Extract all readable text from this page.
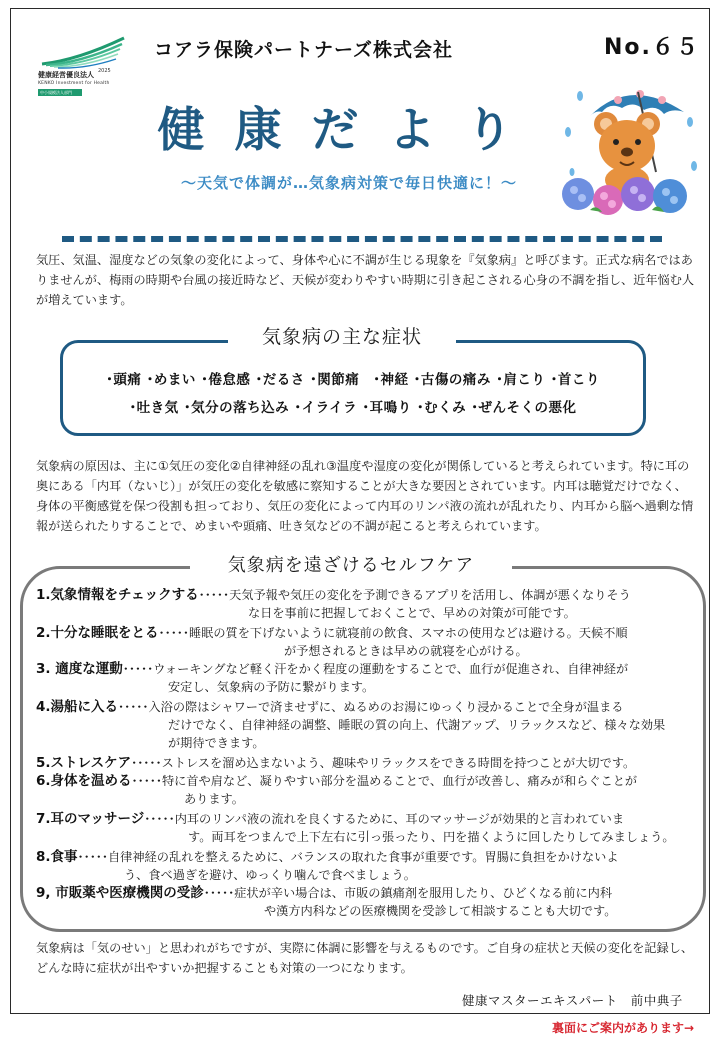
2025
健康経営優良法人
KENKO Investment for Health
中小規模法人部門
コアラ保険パートナーズ株式会社	No.６５
健康だより
～天気で体調が…気象病対策で毎日快適に！～
気圧、気温、湿度などの気象の変化によって、身体や心に不調が生じる現象を『気象病』と呼びます。正式な病名ではありませんが、梅雨の時期や台風の接近時など、天候が変わりやすい時期に引き起こされる心身の不調を指し、近年悩む人が増えています。
気象病の主な症状
･頭痛 ･めまい ･倦怠感 ･だるさ ･関節痛　･神経 ･古傷の痛み ･肩こり ･首こり
･吐き気 ･気分の落ち込み ･イライラ ･耳鳴り ･むくみ ･ぜんそくの悪化
気象病の原因は、主に①気圧の変化②自律神経の乱れ③温度や湿度の変化が関係していると考えられています。特に耳の奥にある「内耳（ないじ）」が気圧の変化を敏感に察知することが大きな要因とされています。内耳は聴覚だけでなく、身体の平衡感覚を保つ役割も担っており、気圧の変化によって内耳のリンパ液の流れが乱れたり、内耳から脳へ過剰な情報が送られたりすることで、めまいや頭痛、吐き気などの不調が起こると考えられています。
気象病を遠ざけるセルフケア
1.気象情報をチェックする･････天気予報や気圧の変化を予測できるアプリを活用し、体調が悪くなりそう
な日を事前に把握しておくことで、早めの対策が可能です。
2.十分な睡眠をとる･････睡眠の質を下げないように就寝前の飲食、スマホの使用などは避ける。天候不順
が予想されるときは早めの就寝を心がける。
3. 適度な運動･････ウォーキングなど軽く汗をかく程度の運動をすることで、血行が促進され、自律神経が
安定し、気象病の予防に繋がります。
4.湯船に入る･････入浴の際はシャワーで済ませずに、ぬるめのお湯にゆっくり浸かることで全身が温まる
だけでなく、自律神経の調整、睡眠の質の向上、代謝アップ、リラックスなど、様々な効果
が期待できます。
5.ストレスケア･････ストレスを溜め込まないよう、趣味やリラックスをできる時間を持つことが大切です。
6.身体を温める･････特に首や肩など、凝りやすい部分を温めることで、血行が改善し、痛みが和らぐことが
あります。
7.耳のマッサージ･････内耳のリンパ液の流れを良くするために、耳のマッサージが効果的と言われていま
す。両耳をつまんで上下左右に引っ張ったり、円を描くように回したりしてみましょう。
8.食事･････自律神経の乱れを整えるために、バランスの取れた食事が重要です。胃腸に負担をかけないよ
う、食べ過ぎを避け、ゆっくり噛んで食べましょう。
9, 市販薬や医療機関の受診･････症状が辛い場合は、市販の鎮痛剤を服用したり、ひどくなる前に内科
や漢方内科などの医療機関を受診して相談することも大切です。
気象病は「気のせい」と思われがちですが、実際に体調に影響を与えるものです。ご自身の症状と天候の変化を記録し、どんな時に症状が出やすいか把握することも対策の一つになります。
健康マスターエキスパート　前中典子
裏面にご案内があります→
